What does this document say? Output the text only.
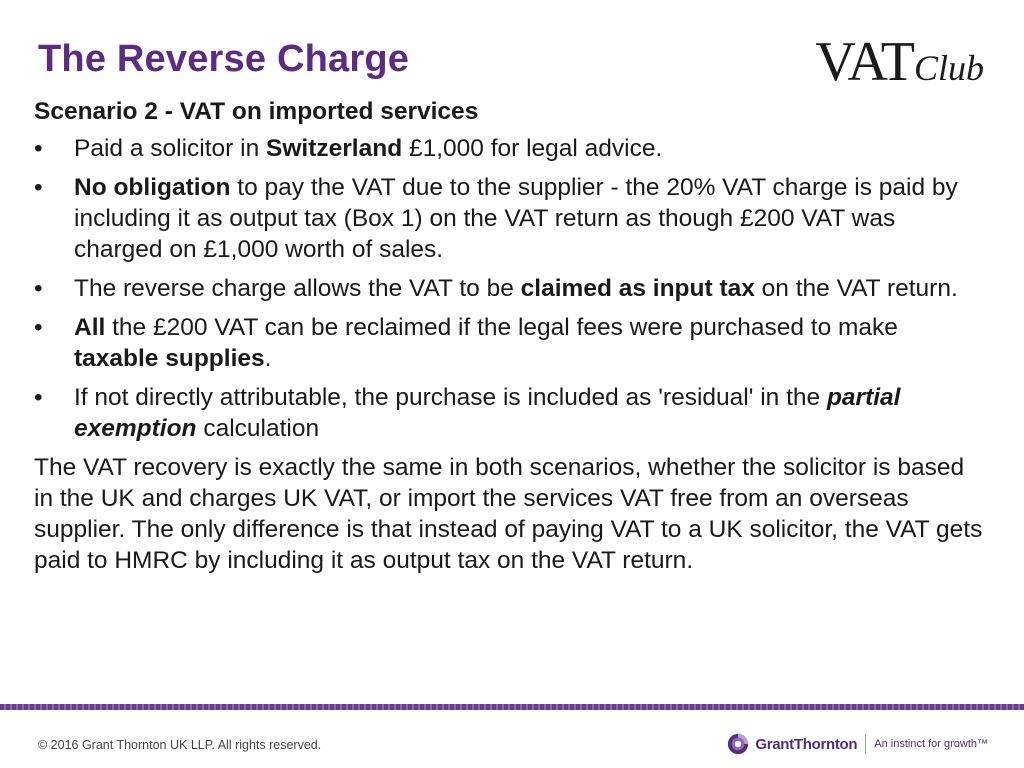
The Reverse Charge	VATClub
Scenario 2 - VAT on imported services
•	Paid a solicitor in Switzerland £1,000 for legal advice.
•	No obligation to pay the VAT due to the supplier - the 20% VAT charge is paid by including it as output tax (Box 1) on the VAT return as though £200 VAT was charged on £1,000 worth of sales.
•	The reverse charge allows the VAT to be claimed as input tax on the VAT return.
•	All the £200 VAT can be reclaimed if the legal fees were purchased to make taxable supplies.
•	If not directly attributable, the purchase is included as 'residual' in the partial exemption calculation

The VAT recovery is exactly the same in both scenarios, whether the solicitor is based in the UK and charges UK VAT, or import the services VAT free from an overseas supplier. The only difference is that instead of paying VAT to a UK solicitor, the VAT gets paid to HMRC by including it as output tax on the VAT return.

© 2016 Grant Thornton UK LLP. All rights reserved.	GrantThornton An instinct for growth™
